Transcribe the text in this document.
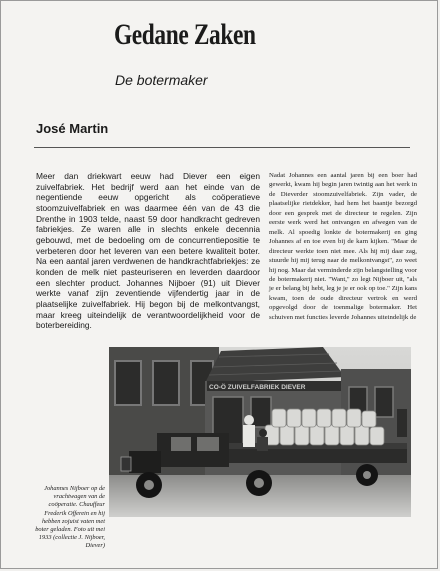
Gedane Zaken

De botermaker

José Martin

Meer dan driekwart eeuw had Diever een eigen zuivelfabriek. Het bedrijf werd aan het einde van de negentiende eeuw opgericht als coöperatieve stoomzuivelfabriek en was daarmee één van de 43 die Drenthe in 1903 telde, naast 59 door handkracht gedreven fabriekjes. Ze waren alle in slechts enkele decennia gebouwd, met de bedoeling om de concurrentiepositie te verbeteren door het leveren van een betere kwaliteit boter. Na een aantal jaren verdwenen de handkrachtfabriekjes: ze konden de melk niet pasteuriseren en leverden daardoor een slechter product. Johannes Nijboer (91) uit Diever werkte vanaf zijn zeventiende vijfendertig jaar in de plaatselijke zuivelfabriek. Hij begon bij de melkontvangst, maar kreeg uiteindelijk de verantwoordelijkheid voor de boterbereiding.

Nadat Johannes een aantal jaren bij een boer had gewerkt, kwam hij begin jaren twintig aan het werk in de Dieverder stoomzuivelfabriek. Zijn vader, de plaatselijke rietdekker, had hem het baantje bezorgd door een gesprek met de directeur te regelen. Zijn eerste werk werd het ontvangen en afwegen van de melk. Al spoedig lonkte de botermakerij en ging Johannes af en toe even bij de karn kijken. "Maar de directeur werkte toen niet mee. Als hij mij daar zag, stuurde hij mij terug naar de melkontvangst", zo weet hij nog. Maar dat verminderde zijn belangstelling voor de botermakerij niet. "Want," zo legt Nijboer uit, "als je er belang bij hebt, leg je je er ook op toe." Zijn kans kwam, toen de oude directeur vertrok en werd opgevolgd door de toenmalige botermaker. Het schuiven met functies leverde Johannes uiteindelijk de

CO-Ö ZUIVELFABRIEK DIEVER

Johannes Nijboer op de vrachtwagen van de coöperatie. Chauffeur Frederik Offerein en hij hebben zojuist vaten met boter geladen. Foto uit mei 1933 (collectie J. Nijboer, Diever)
